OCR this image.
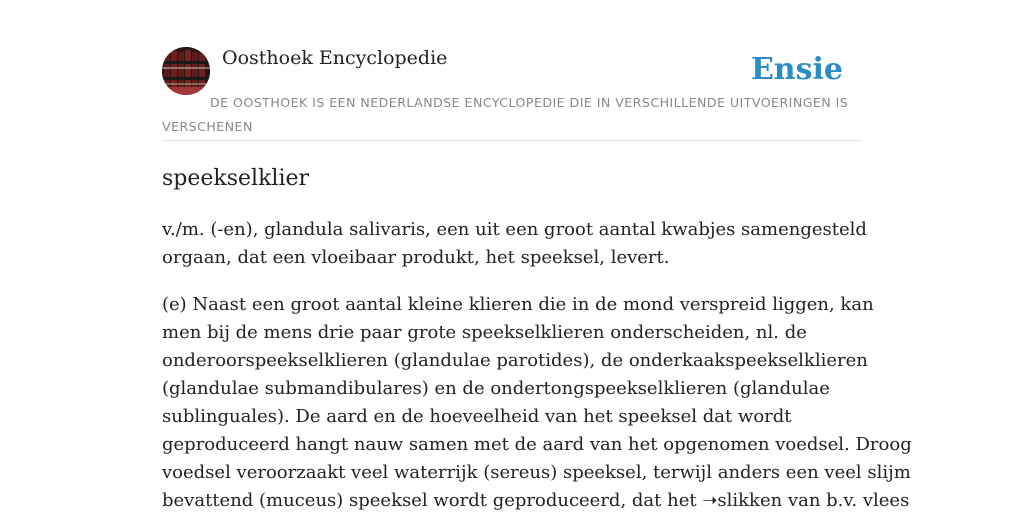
Oosthoek Encyclopedie	Ensie
DE OOSTHOEK IS EEN NEDERLANDSE ENCYCLOPEDIE DIE IN VERSCHILLENDE UITVOERINGEN IS VERSCHENEN
speekselklier

v./m. (-en), glandula salivaris, een uit een groot aantal kwabjes samengesteld
orgaan, dat een vloeibaar produkt, het speeksel, levert.

(e) Naast een groot aantal kleine klieren die in de mond verspreid liggen, kan
men bij de mens drie paar grote speekselklieren onderscheiden, nl. de
onderoorspeekselklieren (glandulae parotides), de onderkaakspeekselklieren
(glandulae submandibulares) en de ondertongspeekselklieren (glandulae
sublinguales). De aard en de hoeveelheid van het speeksel dat wordt
geproduceerd hangt nauw samen met de aard van het opgenomen voedsel. Droog
voedsel veroorzaakt veel waterrijk (sereus) speeksel, terwijl anders een veel slijm
bevattend (muceus) speeksel wordt geproduceerd, dat het ➝slikken van b.v. vlees
